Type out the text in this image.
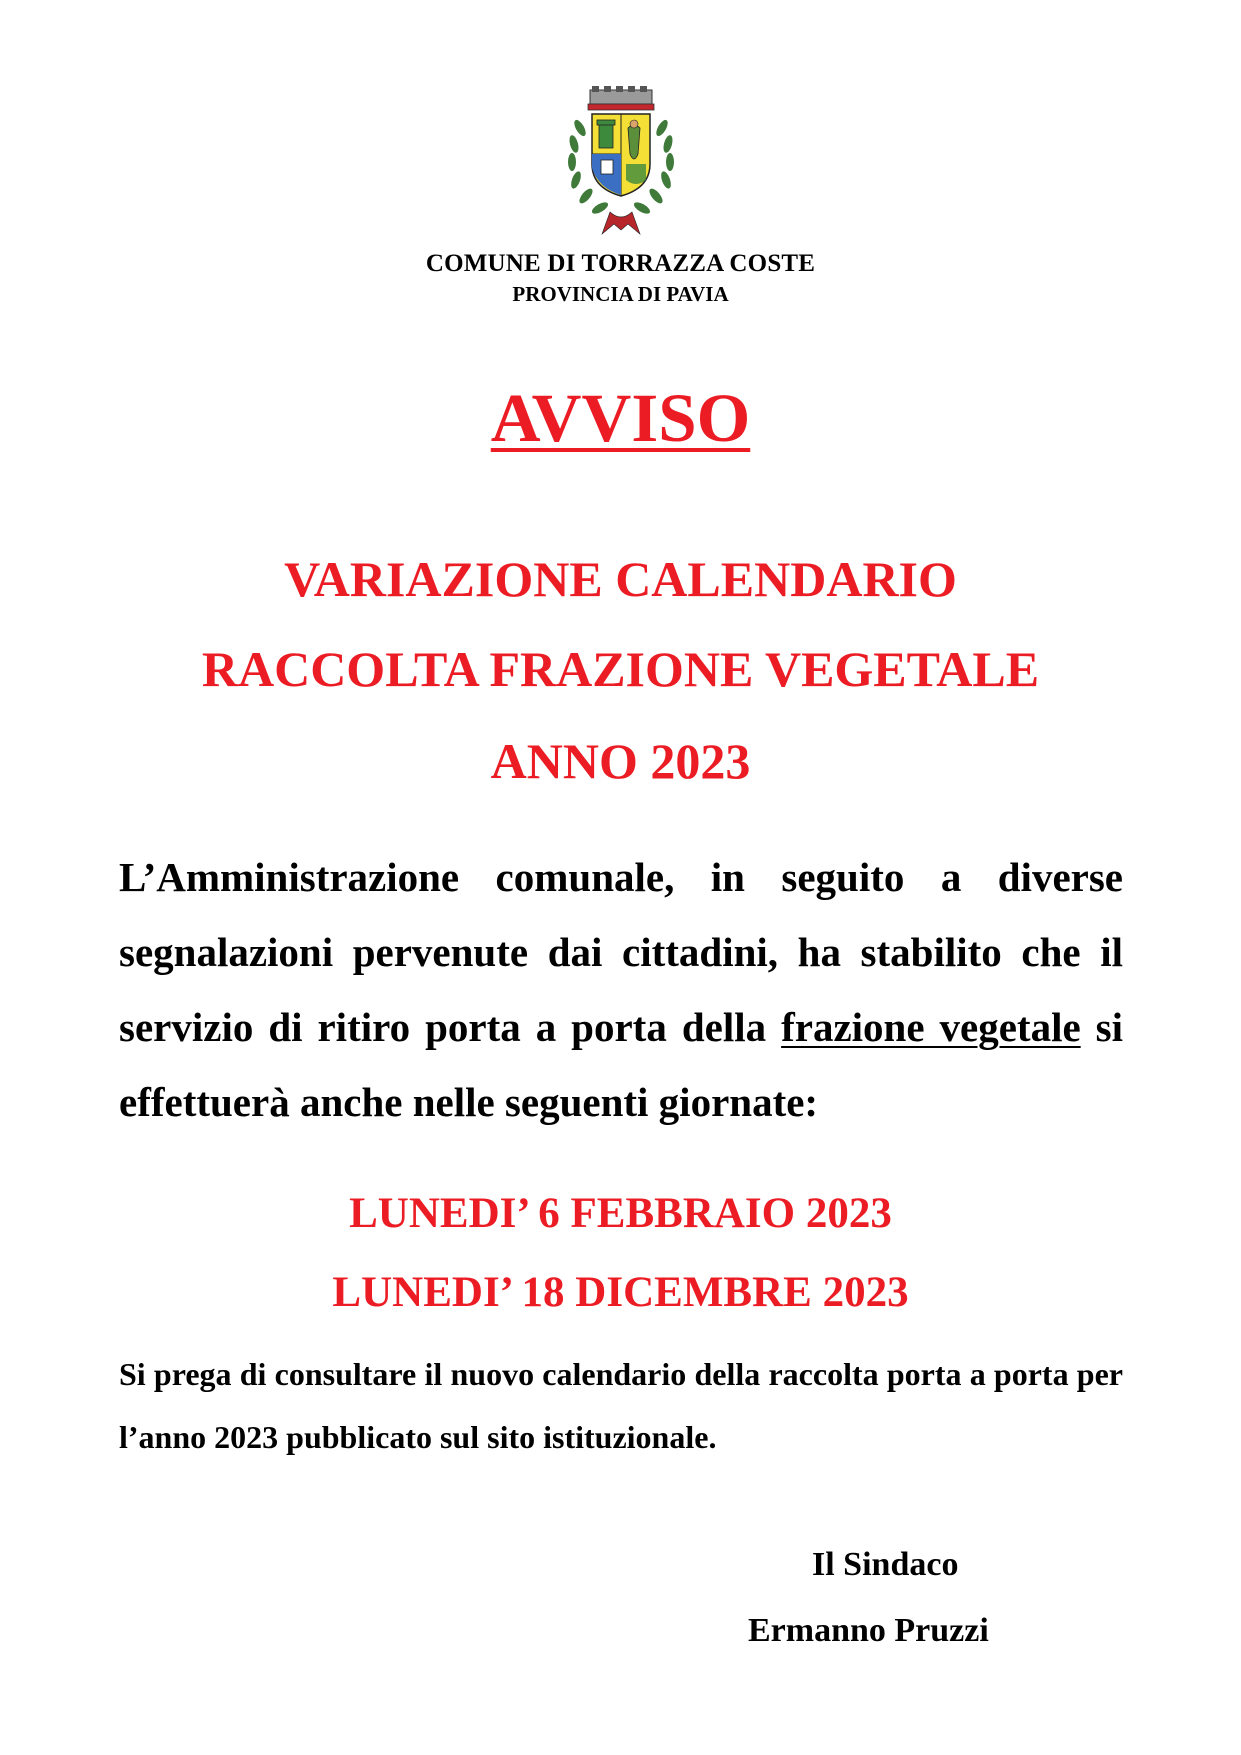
COMUNE DI TORRAZZA COSTE
PROVINCIA DI PAVIA
AVVISO
VARIAZIONE CALENDARIO
RACCOLTA FRAZIONE VEGETALE
ANNO 2023

L’Amministrazione comunale, in seguito a diverse segnalazioni pervenute dai cittadini, ha stabilito che il servizio di ritiro porta a porta della frazione vegetale si effettuerà anche nelle seguenti giornate:

LUNEDI’ 6 FEBBRAIO 2023
LUNEDI’ 18 DICEMBRE 2023

Si prega di consultare il nuovo calendario della raccolta porta a porta per l’anno 2023 pubblicato sul sito istituzionale.

Il Sindaco
Ermanno Pruzzi
